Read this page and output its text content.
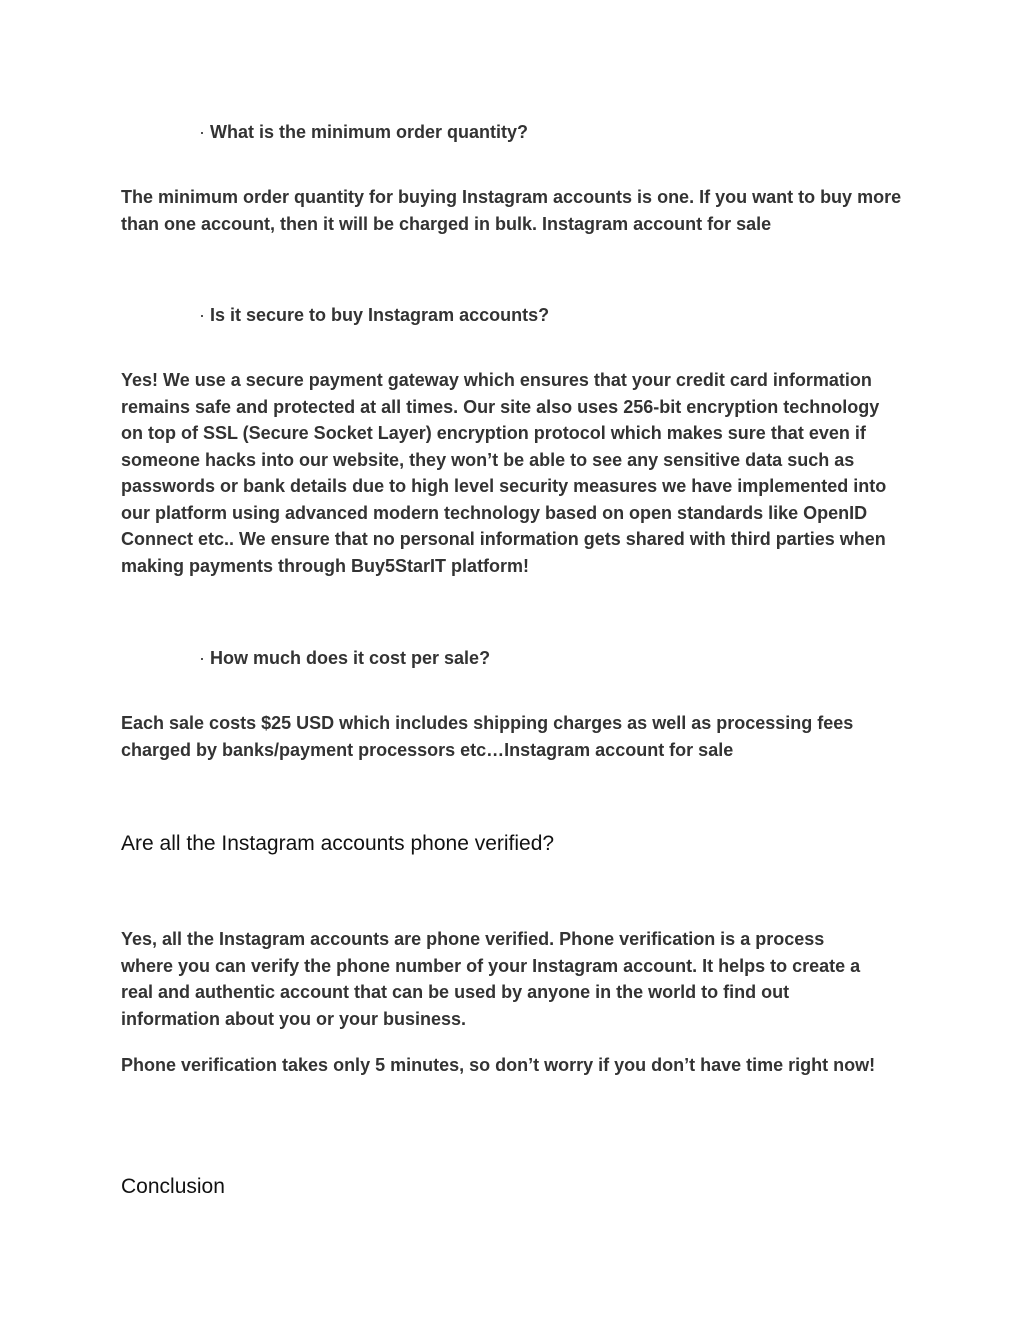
· What is the minimum order quantity?

The minimum order quantity for buying Instagram accounts is one. If you want to buy more than one account, then it will be charged in bulk. Instagram account for sale

· Is it secure to buy Instagram accounts?

Yes! We use a secure payment gateway which ensures that your credit card information remains safe and protected at all times. Our site also uses 256-bit encryption technology on top of SSL (Secure Socket Layer) encryption protocol which makes sure that even if someone hacks into our website, they won’t be able to see any sensitive data such as passwords or bank details due to high level security measures we have implemented into our platform using advanced modern technology based on open standards like OpenID Connect etc.. We ensure that no personal information gets shared with third parties when making payments through Buy5StarIT platform!

· How much does it cost per sale?

Each sale costs $25 USD which includes shipping charges as well as processing fees charged by banks/payment processors etc…Instagram account for sale

Are all the Instagram accounts phone verified?

Yes, all the Instagram accounts are phone verified. Phone verification is a process where you can verify the phone number of your Instagram account. It helps to create a real and authentic account that can be used by anyone in the world to find out information about you or your business.

Phone verification takes only 5 minutes, so don’t worry if you don’t have time right now!

Conclusion
